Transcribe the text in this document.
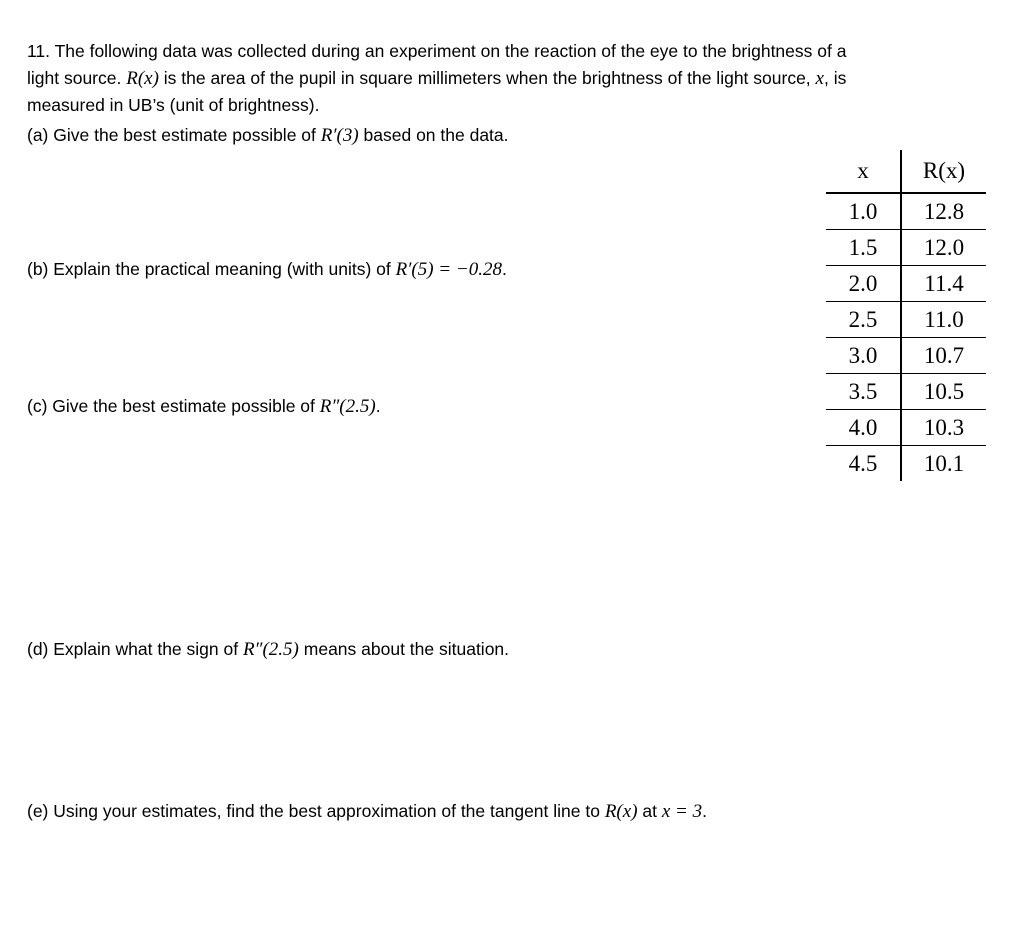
11. The following data was collected during an experiment on the reaction of the eye to the brightness of a
light source. R(x) is the area of the pupil in square millimeters when the brightness of the light source, x, is
measured in UB’s (unit of brightness).
(a) Give the best estimate possible of R′(3) based on the data.
(b) Explain the practical meaning (with units) of R′(5) = −0.28.
(c) Give the best estimate possible of R″(2.5).
(d) Explain what the sign of R″(2.5) means about the situation.
(e) Using your estimates, find the best approximation of the tangent line to R(x) at x = 3.
x	R(x)
1.0	12.8
1.5	12.0
2.0	11.4
2.5	11.0
3.0	10.7
3.5	10.5
4.0	10.3
4.5	10.1
